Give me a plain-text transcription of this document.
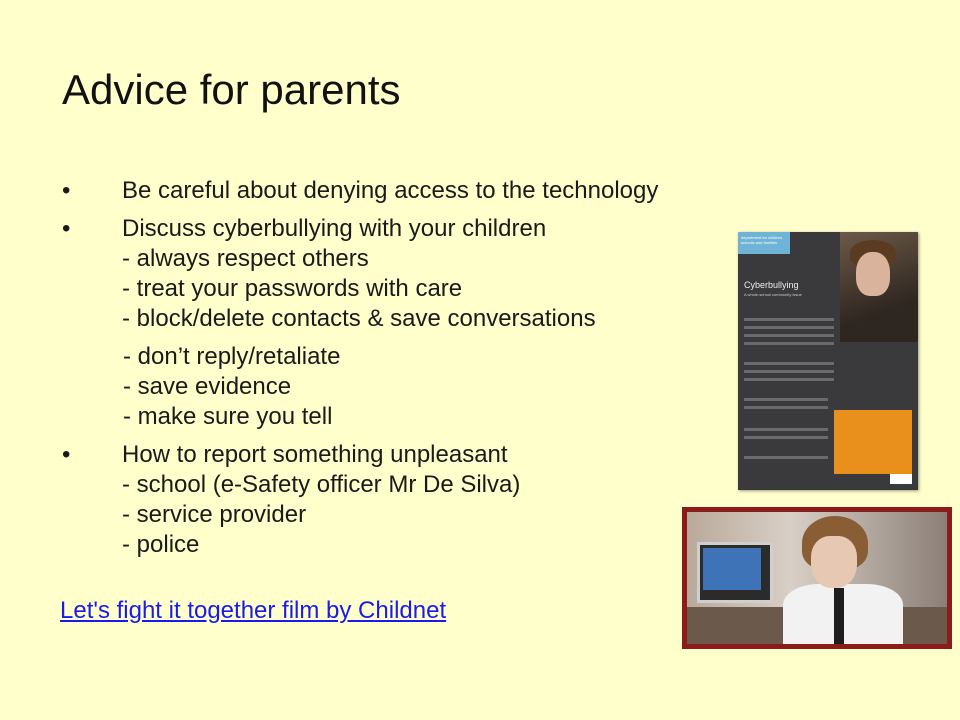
Advice for parents
• Be careful about denying access to the technology
• Discuss cyberbullying with your children
- always respect others
- treat your passwords with care
- block/delete contacts & save conversations
- don’t reply/retaliate
- save evidence
- make sure you tell
• How to report something unpleasant
- school (e-Safety officer Mr De Silva)
- service provider
- police
Let's fight it together film by Childnet
department for children, schools and families
Cyberbullying
A whole-school community issue
